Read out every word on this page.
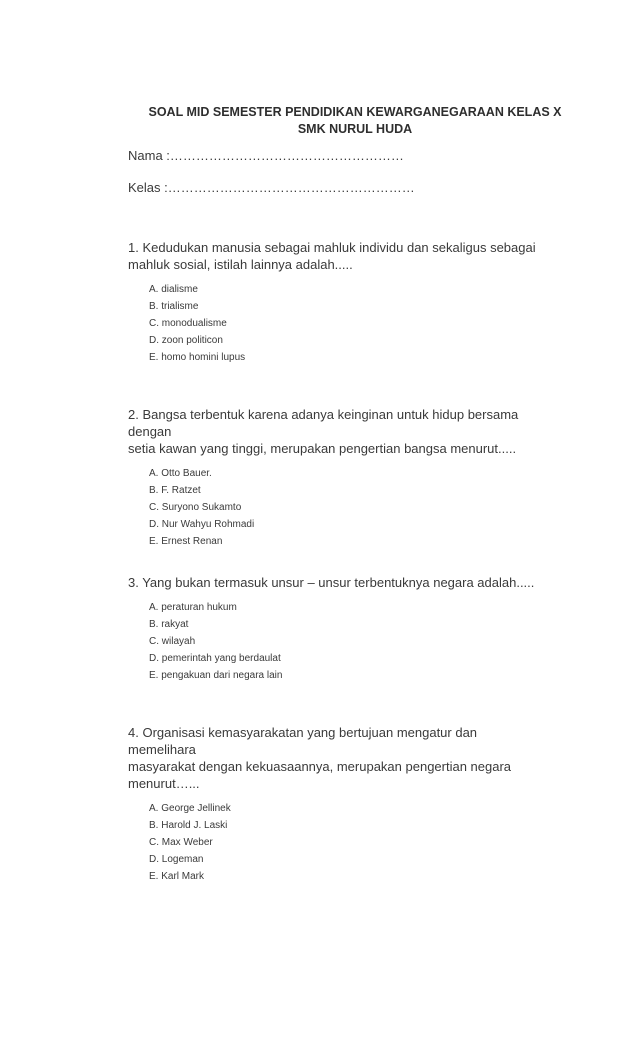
SOAL MID SEMESTER PENDIDIKAN KEWARGANEGARAAN KELAS X
SMK NURUL HUDA
Nama :………………………………………………
Kelas :…………………………………………………

1. Kedudukan manusia sebagai mahluk individu dan sekaligus sebagai
mahluk sosial, istilah lainnya adalah.....

A. dialisme
B. trialisme
C. monodualisme
D. zoon politicon
E. homo homini lupus

2. Bangsa terbentuk karena adanya keinginan untuk hidup bersama dengan
setia kawan yang tinggi, merupakan pengertian bangsa menurut.....

A. Otto Bauer.
B. F. Ratzet
C. Suryono Sukamto
D. Nur Wahyu Rohmadi
E. Ernest Renan

3. Yang bukan termasuk unsur – unsur terbentuknya negara adalah.....

A. peraturan hukum
B. rakyat
C. wilayah
D. pemerintah yang berdaulat
E. pengakuan dari negara lain

4. Organisasi kemasyarakatan yang bertujuan mengatur dan memelihara
masyarakat dengan kekuasaannya, merupakan pengertian negara
menurut…...

A. George Jellinek
B. Harold J. Laski
C. Max Weber
D. Logeman
E. Karl Mark
